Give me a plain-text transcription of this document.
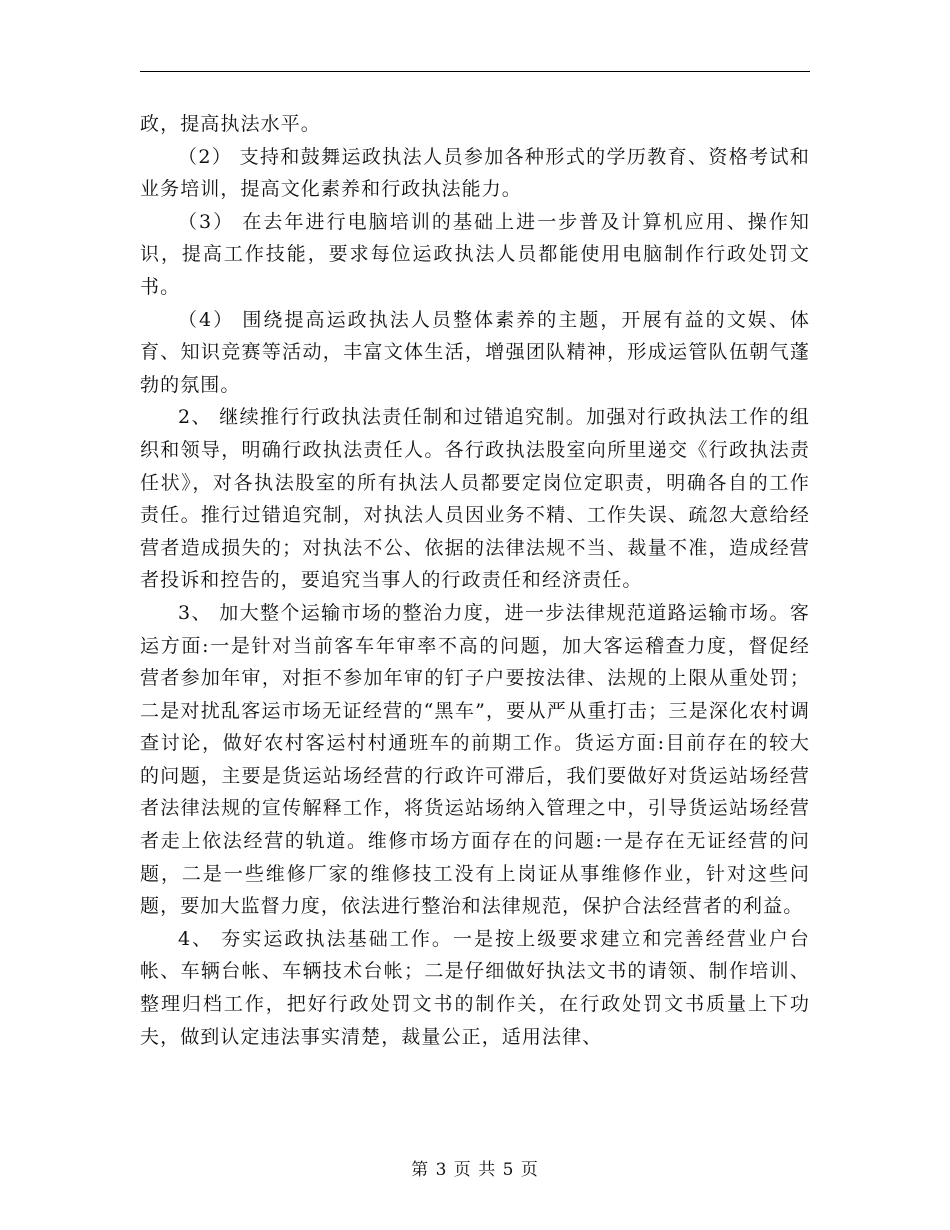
政，提高执法水平。

（2） 支持和鼓舞运政执法人员参加各种形式的学历教育、资格考试和业务培训，提高文化素养和行政执法能力。

（3） 在去年进行电脑培训的基础上进一步普及计算机应用、操作知识，提高工作技能，要求每位运政执法人员都能使用电脑制作行政处罚文书。

（4） 围绕提高运政执法人员整体素养的主题，开展有益的文娱、体育、知识竞赛等活动，丰富文体生活，增强团队精神，形成运管队伍朝气蓬勃的氛围。

2、 继续推行行政执法责任制和过错追究制。加强对行政执法工作的组织和领导，明确行政执法责任人。各行政执法股室向所里递交《行政执法责任状》，对各执法股室的所有执法人员都要定岗位定职责，明确各自的工作责任。推行过错追究制，对执法人员因业务不精、工作失误、疏忽大意给经营者造成损失的；对执法不公、依据的法律法规不当、裁量不准，造成经营者投诉和控告的，要追究当事人的行政责任和经济责任。

3、 加大整个运输市场的整治力度，进一步法律规范道路运输市场。客运方面:一是针对当前客车年审率不高的问题，加大客运稽查力度，督促经营者参加年审，对拒不参加年审的钉子户要按法律、法规的上限从重处罚；二是对扰乱客运市场无证经营的“黑车”，要从严从重打击；三是深化农村调查讨论，做好农村客运村村通班车的前期工作。货运方面:目前存在的较大的问题，主要是货运站场经营的行政许可滞后，我们要做好对货运站场经营者法律法规的宣传解释工作，将货运站场纳入管理之中，引导货运站场经营者走上依法经营的轨道。维修市场方面存在的问题:一是存在无证经营的问题，二是一些维修厂家的维修技工没有上岗证从事维修作业，针对这些问题，要加大监督力度，依法进行整治和法律规范，保护合法经营者的利益。

4、 夯实运政执法基础工作。一是按上级要求建立和完善经营业户台帐、车辆台帐、车辆技术台帐；二是仔细做好执法文书的请领、制作培训、整理归档工作，把好行政处罚文书的制作关，在行政处罚文书质量上下功夫，做到认定违法事实清楚，裁量公正，适用法律、

第 3 页 共 5 页
